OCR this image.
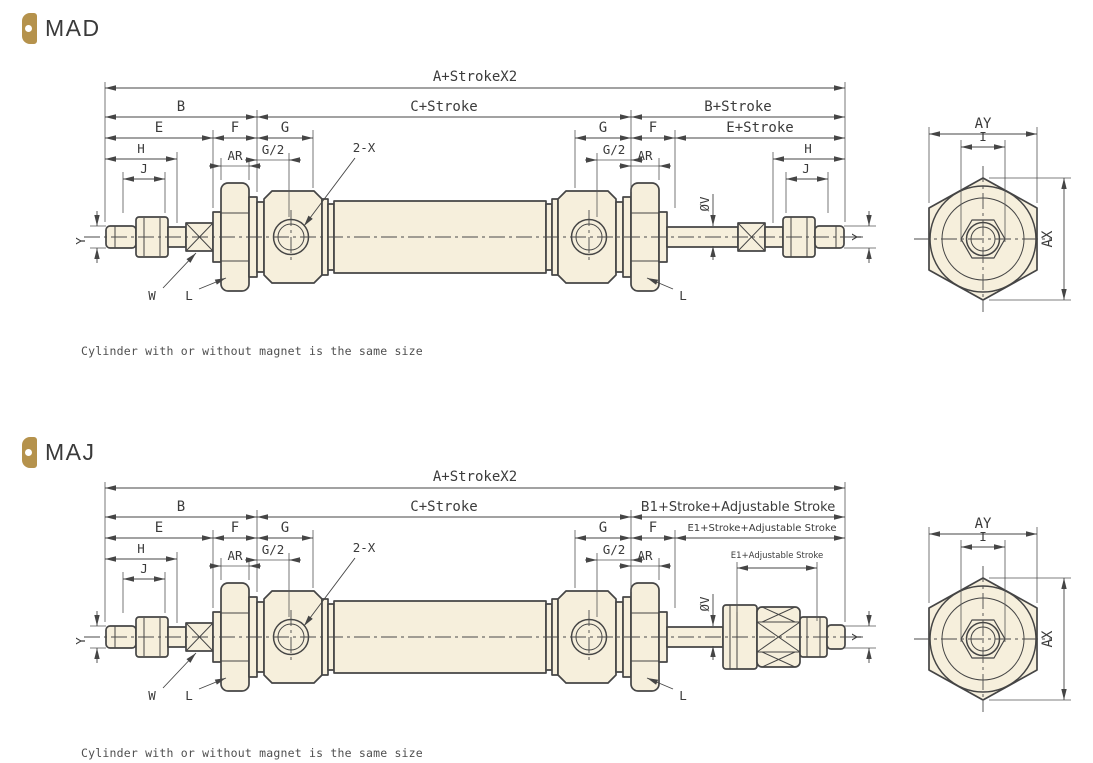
A+StrokeX2
B	C+Stroke	B+Stroke
E	F	G	G	F	E+Stroke
H
J
AR G/2	G/2 AR	H
J
2-X
W L	L
Y
Y
ØV
AY
I
AX
A+StrokeX2
B	C+Stroke	B1+Stroke+Adjustable Stroke
E	F	G	G	F	E1+Stroke+Adjustable Stroke
E1+Adjustable Stroke
H
J
AR G/2	G/2 AR
2-X
W L	L
Y
Y
ØV
AY
I
AX
MAD
MAJ
Cylinder with or without magnet is the same size
Cylinder with or without magnet is the same size
